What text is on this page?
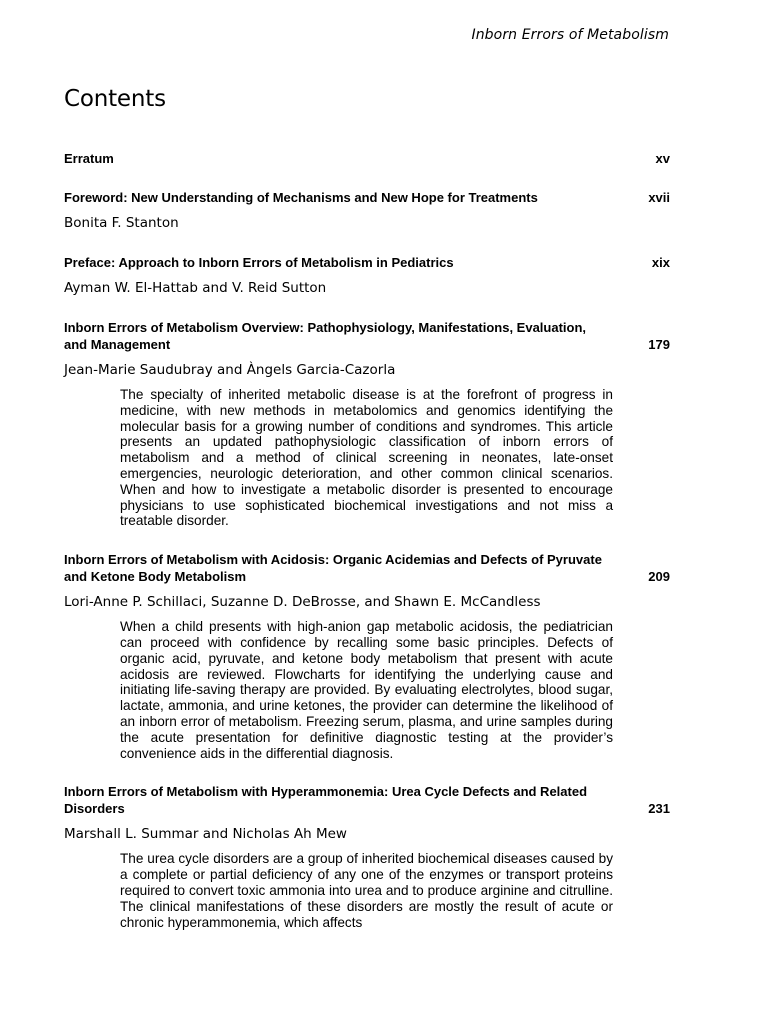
Inborn Errors of Metabolism
Contents
Erratum	xv
Foreword: New Understanding of Mechanisms and New Hope for Treatments	xvii
Bonita F. Stanton
Preface: Approach to Inborn Errors of Metabolism in Pediatrics	xix
Ayman W. El-Hattab and V. Reid Sutton
Inborn Errors of Metabolism Overview: Pathophysiology, Manifestations, Evaluation, and Management	179
Jean-Marie Saudubray and Àngels Garcia-Cazorla

The specialty of inherited metabolic disease is at the forefront of progress in medicine, with new methods in metabolomics and genomics identifying the molecular basis for a growing number of conditions and syndromes. This article presents an updated pathophysiologic classification of inborn errors of metabolism and a method of clinical screening in neonates, late-onset emergencies, neurologic deterioration, and other common clinical scenarios. When and how to investigate a metabolic disorder is presented to encourage physicians to use sophisticated biochemical investigations and not miss a treatable disorder.

Inborn Errors of Metabolism with Acidosis: Organic Acidemias and Defects of Pyruvate and Ketone Body Metabolism	209
Lori-Anne P. Schillaci, Suzanne D. DeBrosse, and Shawn E. McCandless

When a child presents with high-anion gap metabolic acidosis, the pediatrician can proceed with confidence by recalling some basic principles. Defects of organic acid, pyruvate, and ketone body metabolism that present with acute acidosis are reviewed. Flowcharts for identifying the underlying cause and initiating life-saving therapy are provided. By evaluating electrolytes, blood sugar, lactate, ammonia, and urine ketones, the provider can determine the likelihood of an inborn error of metabolism. Freezing serum, plasma, and urine samples during the acute presentation for definitive diagnostic testing at the provider’s convenience aids in the differential diagnosis.

Inborn Errors of Metabolism with Hyperammonemia: Urea Cycle Defects and Related Disorders	231
Marshall L. Summar and Nicholas Ah Mew

The urea cycle disorders are a group of inherited biochemical diseases caused by a complete or partial deficiency of any one of the enzymes or transport proteins required to convert toxic ammonia into urea and to produce arginine and citrulline. The clinical manifestations of these disorders are mostly the result of acute or chronic hyperammonemia, which affects
